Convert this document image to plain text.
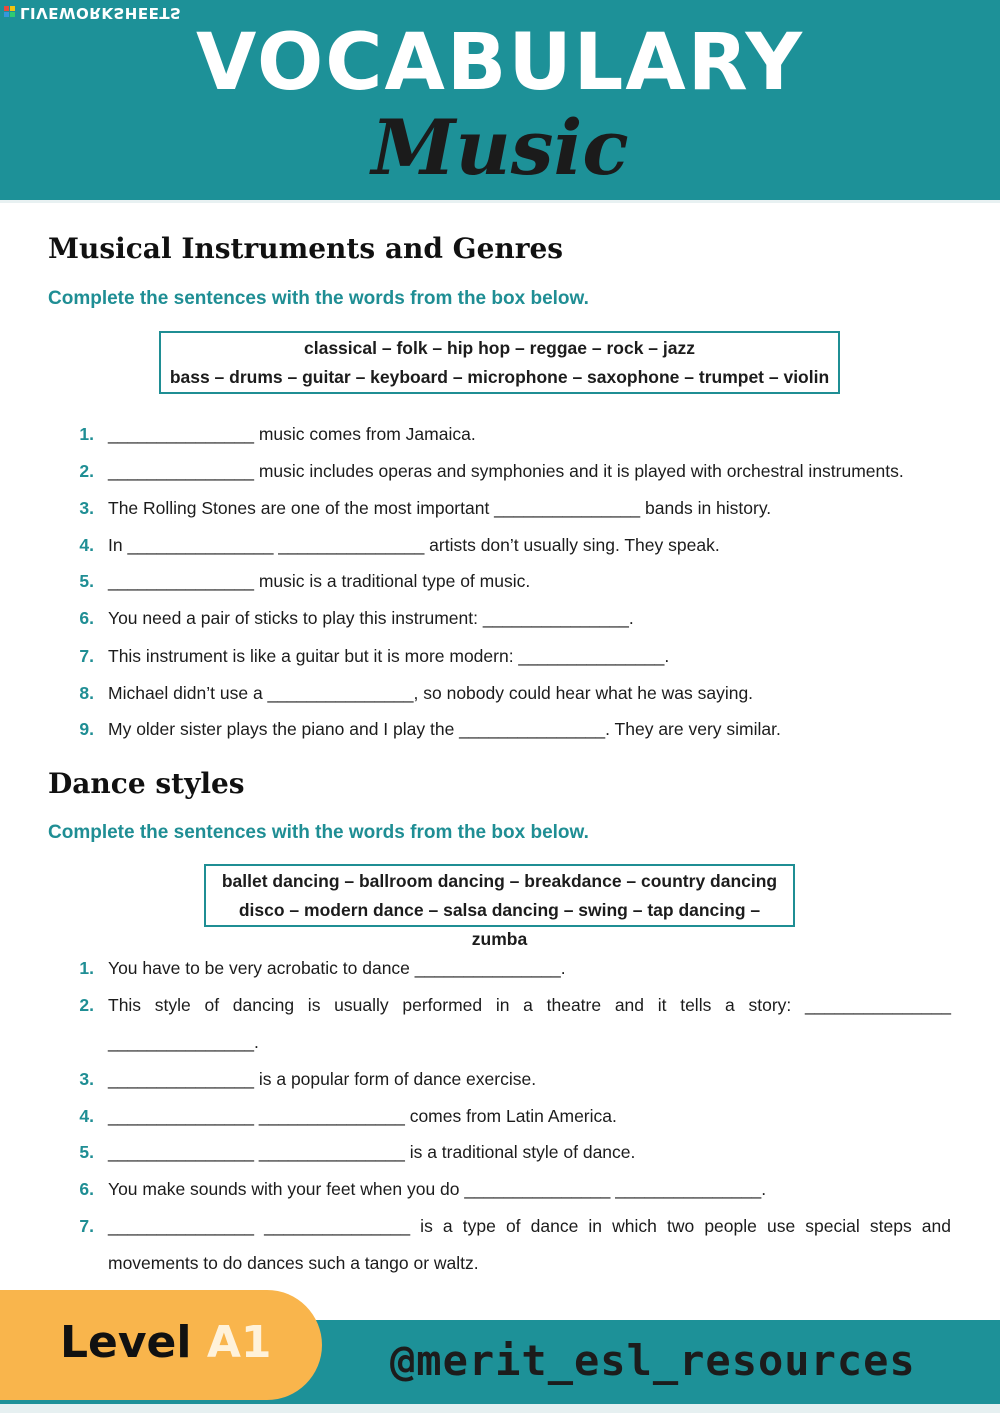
LIVEWORKSHEETS
VOCABULARY
Music
Musical Instruments and Genres
Complete the sentences with the words from the box below.
classical – folk – hip hop – reggae – rock – jazz
bass – drums – guitar – keyboard – microphone – saxophone – trumpet – violin
1. _______________ music comes from Jamaica.
2. _______________ music includes operas and symphonies and it is played with orchestral instruments.
3. The Rolling Stones are one of the most important _______________ bands in history.
4. In _______________ _______________ artists don’t usually sing. They speak.
5. _______________ music is a traditional type of music.
6. You need a pair of sticks to play this instrument: _______________.
7. This instrument is like a guitar but it is more modern: _______________.
8. Michael didn’t use a _______________, so nobody could hear what he was saying.
9. My older sister plays the piano and I play the _______________. They are very similar.
Dance styles
Complete the sentences with the words from the box below.
ballet dancing – ballroom dancing – breakdance – country dancing
disco – modern dance – salsa dancing – swing – tap dancing – zumba
1. You have to be very acrobatic to dance _______________.
2. This style of dancing is usually performed in a theatre and it tells a story: _______________
_______________.
3. _______________ is a popular form of dance exercise.
4. _______________ _______________ comes from Latin America.
5. _______________ _______________ is a traditional style of dance.
6. You make sounds with your feet when you do _______________ _______________.
7. _______________ _______________ is a type of dance in which two people use special steps and
movements to do dances such a tango or waltz.
Level A1	@merit_esl_resources
